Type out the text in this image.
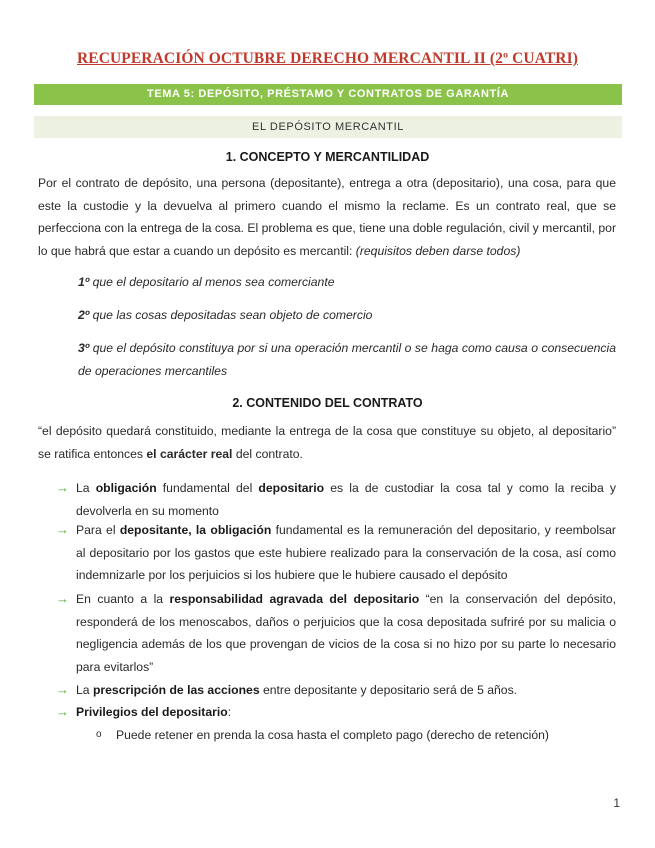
RECUPERACIÓN OCTUBRE DERECHO MERCANTIL II (2º CUATRI)
TEMA 5: DEPÓSITO, PRÉSTAMO Y CONTRATOS DE GARANTÍA
EL DEPÓSITO MERCANTIL
1. CONCEPTO Y MERCANTILIDAD
Por el contrato de depósito, una persona (depositante), entrega a otra (depositario), una cosa, para que este la custodie y la devuelva al primero cuando el mismo la reclame. Es un contrato real, que se perfecciona con la entrega de la cosa. El problema es que, tiene una doble regulación, civil y mercantil, por lo que habrá que estar a cuando un depósito es mercantil: (requisitos deben darse todos)
1º que el depositario al menos sea comerciante
2º que las cosas depositadas sean objeto de comercio
3º que el depósito constituya por si una operación mercantil o se haga como causa o consecuencia de operaciones mercantiles
2. CONTENIDO DEL CONTRATO
“el depósito quedará constituido, mediante la entrega de la cosa que constituye su objeto, al depositario” se ratifica entonces el carácter real del contrato.
→ La obligación fundamental del depositario es la de custodiar la cosa tal y como la reciba y devolverla en su momento
→ Para el depositante, la obligación fundamental es la remuneración del depositario, y reembolsar al depositario por los gastos que este hubiere realizado para la conservación de la cosa, así como indemnizarle por los perjuicios si los hubiere que le hubiere causado el depósito
→ En cuanto a la responsabilidad agravada del depositario “en la conservación del depósito, responderá de los menoscabos, daños o perjuicios que la cosa depositada sufriré por su malicia o negligencia además de los que provengan de vicios de la cosa si no hizo por su parte lo necesario para evitarlos”
→ La prescripción de las acciones entre depositante y depositario será de 5 años.
→ Privilegios del depositario:
o Puede retener en prenda la cosa hasta el completo pago (derecho de retención)
1
